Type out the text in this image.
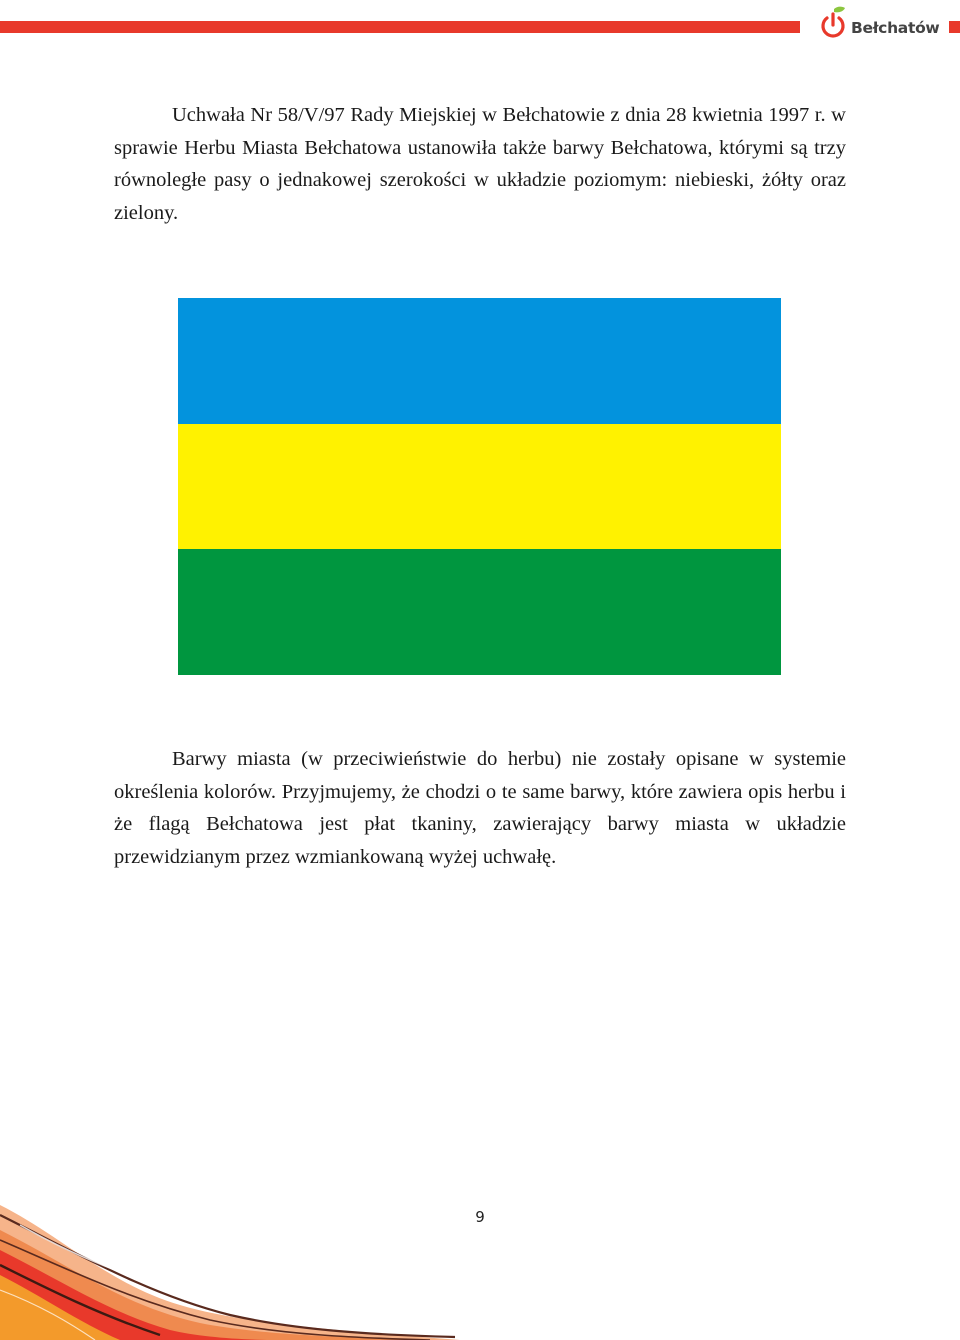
Bełchatów

Uchwała Nr 58/V/97 Rady Miejskiej w Bełchatowie z dnia 28 kwietnia 1997 r. w sprawie Herbu Miasta Bełchatowa ustanowiła także barwy Bełchatowa, którymi są trzy równoległe pasy o jednakowej szerokości w układzie poziomym: niebieski, żółty oraz zielony.

Barwy miasta (w przeciwieństwie do herbu) nie zostały opisane w systemie określenia kolorów. Przyjmujemy, że chodzi o te same barwy, które zawiera opis herbu i że flagą Bełchatowa jest płat tkaniny, zawierający barwy miasta w układzie przewidzianym przez wzmiankowaną wyżej uchwałę.

9
